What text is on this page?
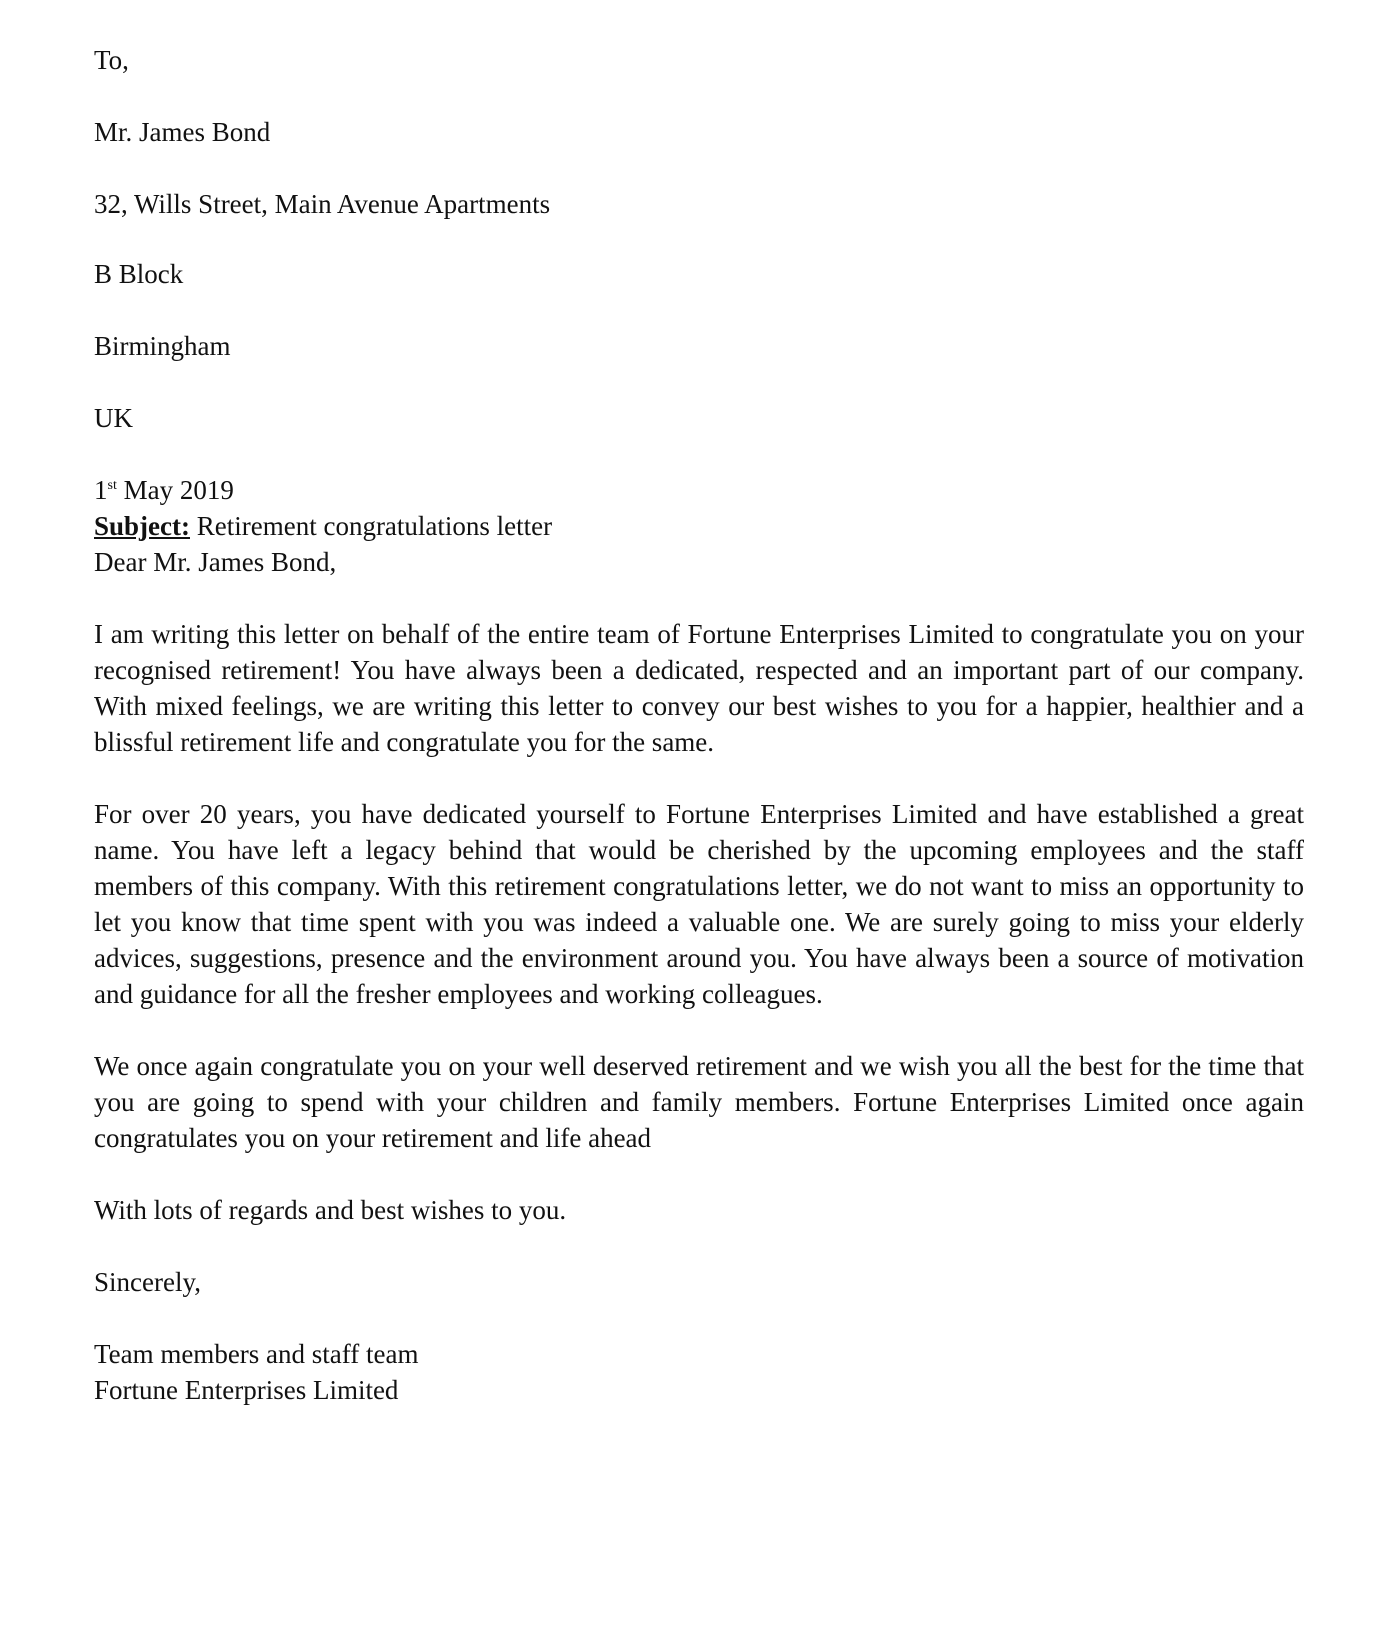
To,
Mr. James Bond
32, Wills Street, Main Avenue Apartments
B Block
Birmingham
UK
1st May 2019
Subject: Retirement congratulations letter
Dear Mr. James Bond,

I am writing this letter on behalf of the entire team of Fortune Enterprises Limited to congratulate you on your recognised retirement! You have always been a dedicated, respected and an important part of our company. With mixed feelings, we are writing this letter to convey our best wishes to you for a happier, healthier and a blissful retirement life and congratulate you for the same.

For over 20 years, you have dedicated yourself to Fortune Enterprises Limited and have established a great name. You have left a legacy behind that would be cherished by the upcoming employees and the staff members of this company. With this retirement congratulations letter, we do not want to miss an opportunity to let you know that time spent with you was indeed a valuable one. We are surely going to miss your elderly advices, suggestions, presence and the environment around you. You have always been a source of motivation and guidance for all the fresher employees and working colleagues.

We once again congratulate you on your well deserved retirement and we wish you all the best for the time that you are going to spend with your children and family members. Fortune Enterprises Limited once again congratulates you on your retirement and life ahead

With lots of regards and best wishes to you.
Sincerely,
Team members and staff team
Fortune Enterprises Limited
